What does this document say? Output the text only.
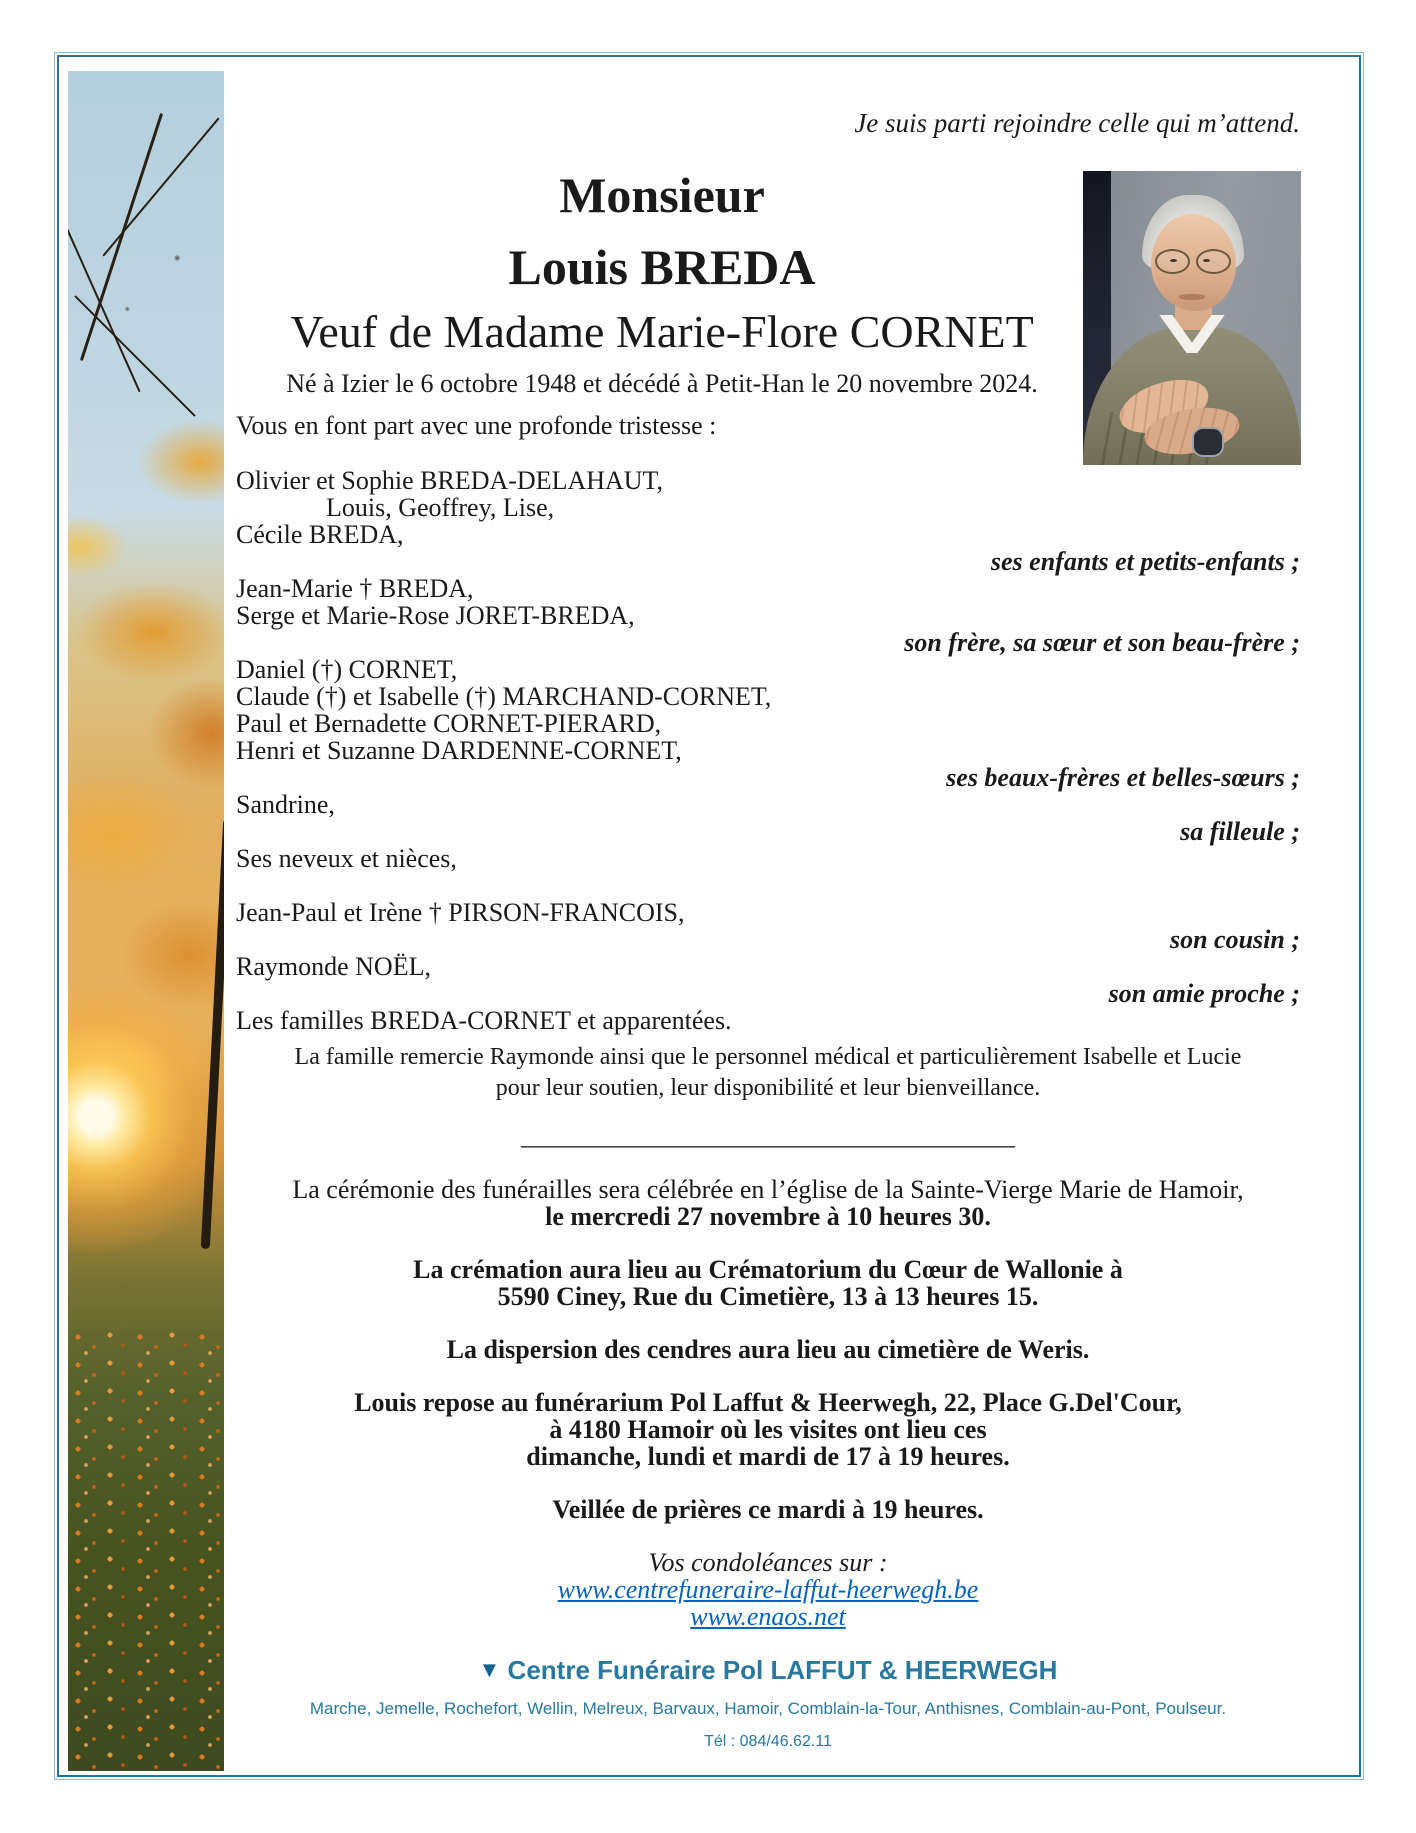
Je suis parti rejoindre celle qui m’attend.
Monsieur
Louis BREDA
Veuf de Madame Marie-Flore CORNET
Né à Izier le 6 octobre 1948 et décédé à Petit-Han le 20 novembre 2024.
Vous en font part avec une profonde tristesse :
Olivier et Sophie BREDA-DELAHAUT,
Louis, Geoffrey, Lise,
Cécile BREDA,
ses enfants et petits-enfants ;
Jean-Marie † BREDA,
Serge et Marie-Rose JORET-BREDA,
son frère, sa sœur et son beau-frère ;
Daniel (†) CORNET,
Claude (†) et Isabelle (†) MARCHAND-CORNET,
Paul et Bernadette CORNET-PIERARD,
Henri et Suzanne DARDENNE-CORNET,
ses beaux-frères et belles-sœurs ;
Sandrine,
sa filleule ;
Ses neveux et nièces,
Jean-Paul et Irène † PIRSON-FRANCOIS,
son cousin ;
Raymonde NOËL,
son amie proche ;
Les familles BREDA-CORNET et apparentées.
La famille remercie Raymonde ainsi que le personnel médical et particulièrement Isabelle et Lucie
pour leur soutien, leur disponibilité et leur bienveillance.
______________________________________
La cérémonie des funérailles sera célébrée en l’église de la Sainte-Vierge Marie de Hamoir,
le mercredi 27 novembre à 10 heures 30.
La crémation aura lieu au Crématorium du Cœur de Wallonie à
5590 Ciney, Rue du Cimetière, 13 à 13 heures 15.
La dispersion des cendres aura lieu au cimetière de Weris.
Louis repose au funérarium Pol Laffut & Heerwegh, 22, Place G.Del'Cour,
à 4180 Hamoir où les visites ont lieu ces
dimanche, lundi et mardi de 17 à 19 heures.
Veillée de prières ce mardi à 19 heures.
Vos condoléances sur :
www.centrefuneraire-laffut-heerwegh.be
www.enaos.net
▼ Centre Funéraire Pol LAFFUT & HEERWEGH
Marche, Jemelle, Rochefort, Wellin, Melreux, Barvaux, Hamoir, Comblain-la-Tour, Anthisnes, Comblain-au-Pont, Poulseur.
Tél : 084/46.62.11
